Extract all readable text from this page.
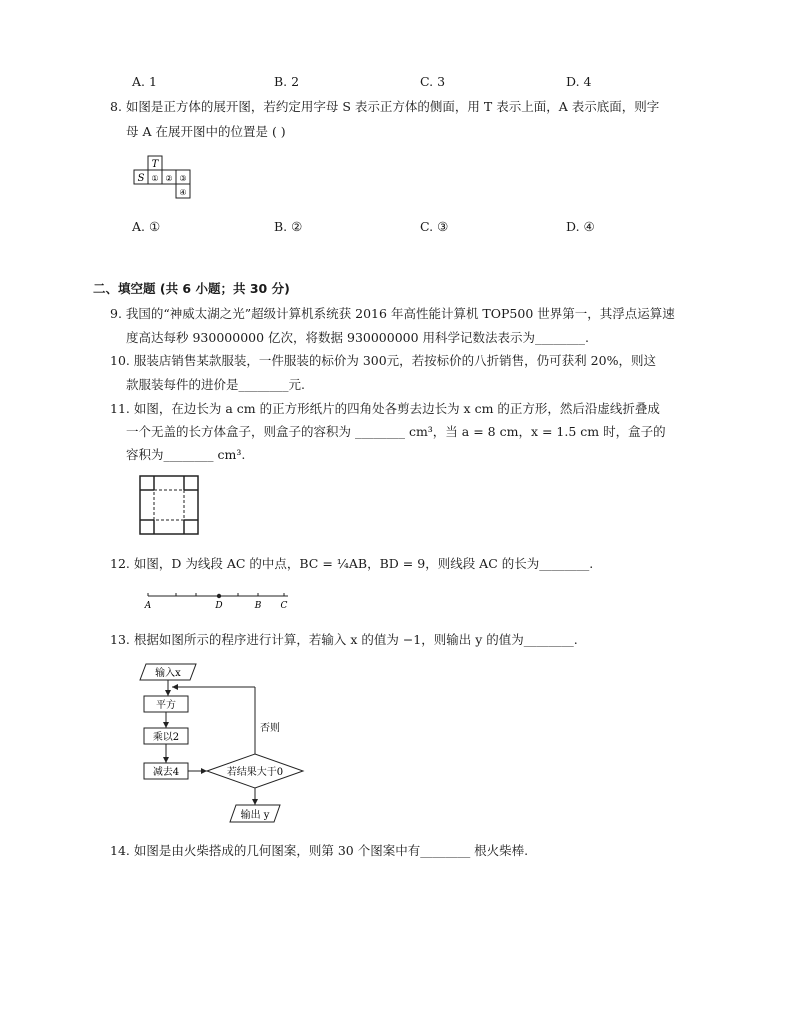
A. 1	B. 2	C. 3	D. 4
8. 如图是正方体的展开图，若约定用字母 S 表示正方体的侧面，用 T 表示上面，A 表示底面，则字
母 A 在展开图中的位置是 ( )
T
S ① ② ③
④
A. ①	B. ②	C. ③	D. ④
二、填空题 (共 6 小题；共 30 分)
9. 我国的“神威太湖之光”超级计算机系统获 2016 年高性能计算机 TOP500 世界第一，其浮点运算速
度高达每秒 930000000 亿次，将数据 930000000 用科学记数法表示为________.
10. 服装店销售某款服装，一件服装的标价为 300元，若按标价的八折销售，仍可获利 20%，则这
款服装每件的进价是________元.
11. 如图，在边长为 a cm 的正方形纸片的四角处各剪去边长为 x cm 的正方形，然后沿虚线折叠成
一个无盖的长方体盒子，则盒子的容积为 ________ cm³，当 a = 8 cm，x = 1.5 cm 时，盒子的
容积为________ cm³.
12. 如图，D 为线段 AC 的中点，BC = ¼AB，BD = 9，则线段 AC 的长为________.
A	D	B C
13. 根据如图所示的程序进行计算，若输入 x 的值为 −1，则输出 y 的值为________.
输入x
平方
乘以2
减去4	若结果大于0
否则
输出 y
14. 如图是由火柴搭成的几何图案，则第 30 个图案中有________ 根火柴棒.
